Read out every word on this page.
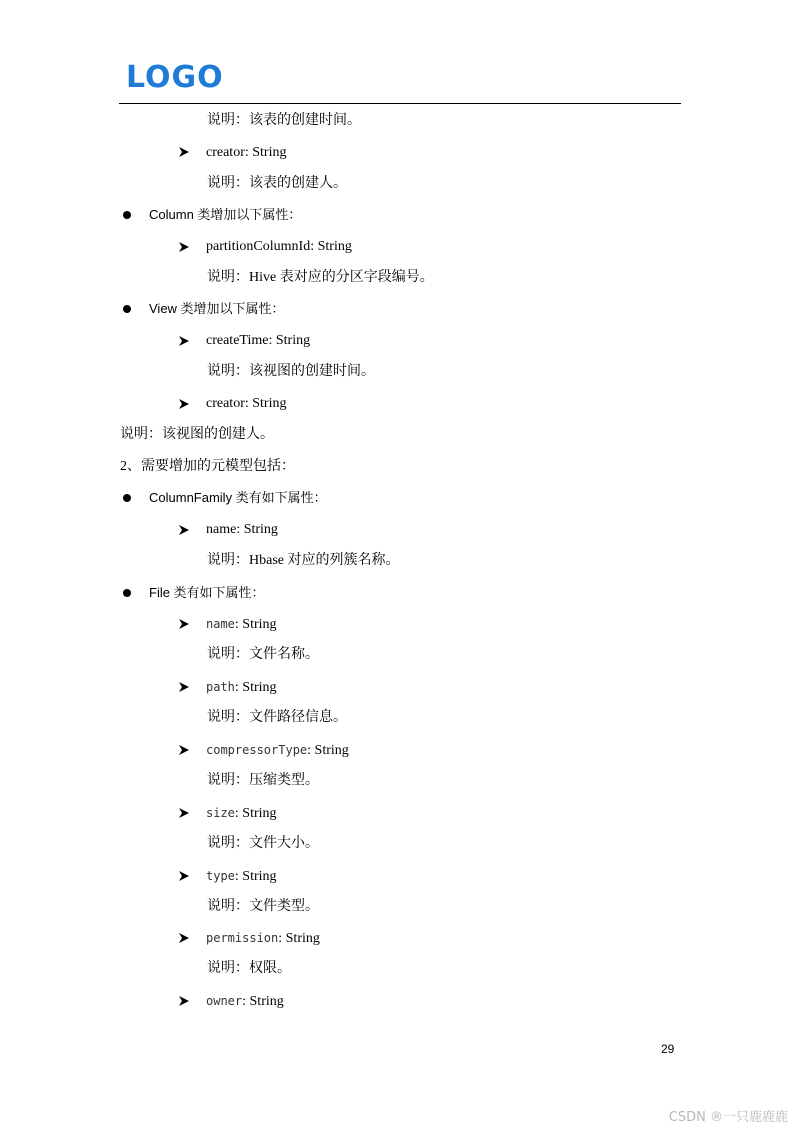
LOGO
说明：该表的创建时间。
creator: String
说明：该表的创建人。
Column 类增加以下属性：
partitionColumnId: String
说明：Hive 表对应的分区字段编号。
View 类增加以下属性：
createTime: String
说明：该视图的创建时间。
creator: String
说明：该视图的创建人。
2、需要增加的元模型包括：
ColumnFamily 类有如下属性：
name: String
说明：Hbase 对应的列簇名称。
File 类有如下属性：
name: String
说明：文件名称。
path: String
说明：文件路径信息。
compressorType: String
说明：压缩类型。
size: String
说明：文件大小。
type: String
说明：文件类型。
permission: String
说明：权限。
owner: String
29
CSDN ®一只鹿鹿鹿
